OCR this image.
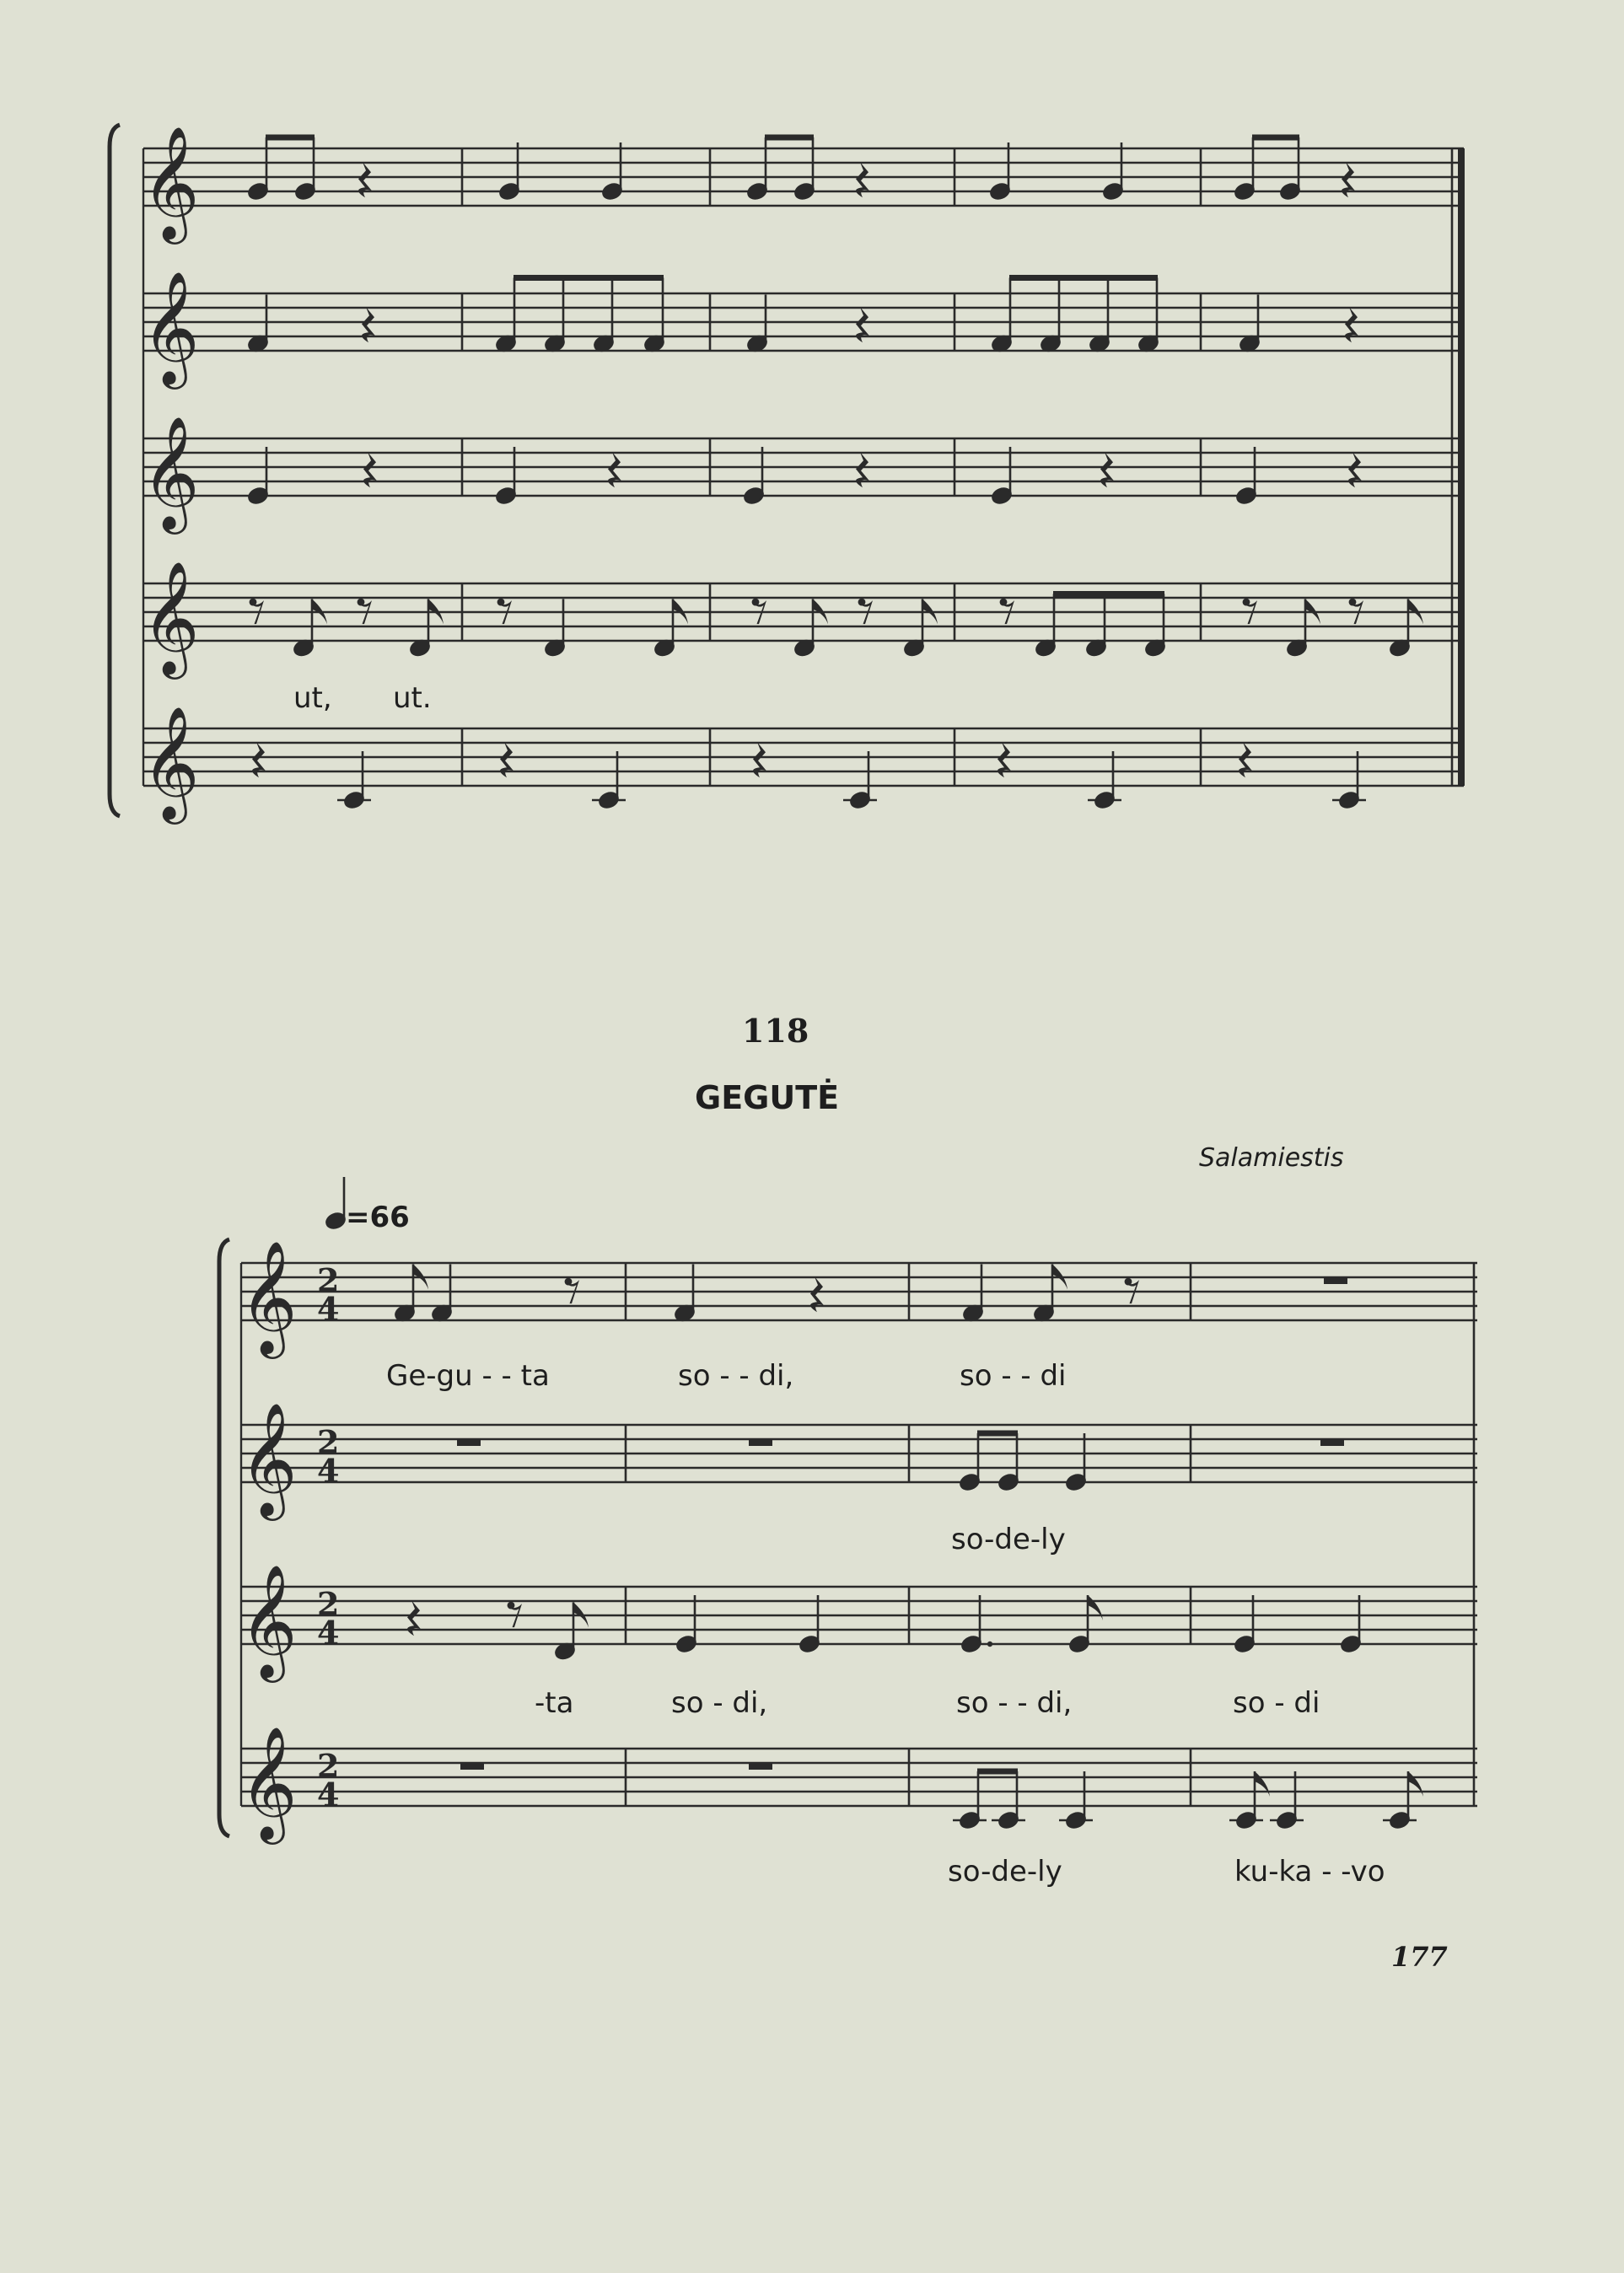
118
GEGUTĖ
Salamiestis
=66
177
ut, ut.
Ge-gu - - ta	so - - di,	so - - di
so-de-ly
-ta	so - di,	so - - di,	so - di
so-de-ly	ku-ka - -vo
𝄞
𝄞
𝄞
𝄞
𝄞
𝄞 2
4
𝄞 2
4
𝄞 2
4
𝄞 2
4
